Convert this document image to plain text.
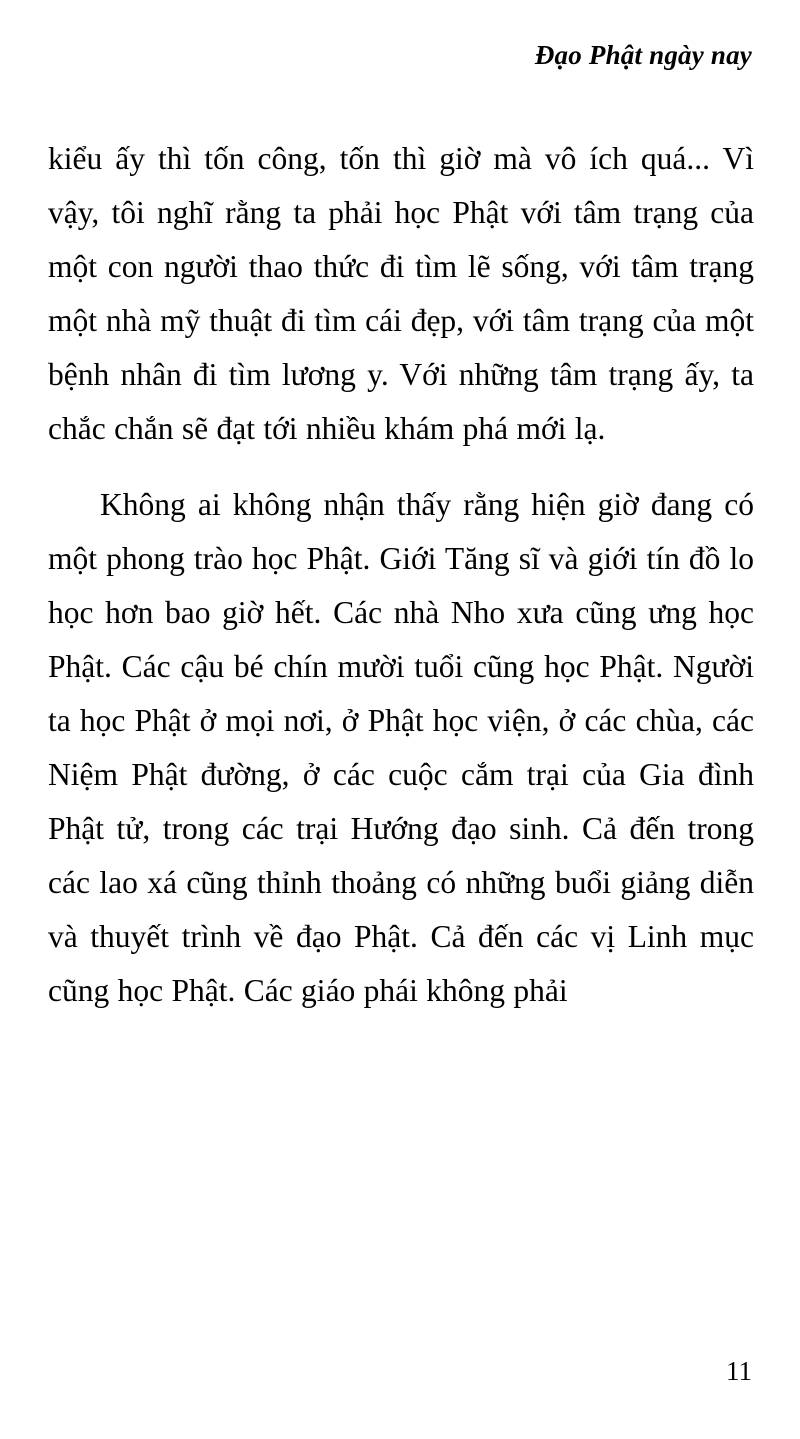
Đạo Phật ngày nay

kiểu ấy thì tốn công, tốn thì giờ mà vô ích quá... Vì vậy, tôi nghĩ rằng ta phải học Phật với tâm trạng của một con người thao thức đi tìm lẽ sống, với tâm trạng một nhà mỹ thuật đi tìm cái đẹp, với tâm trạng của một bệnh nhân đi tìm lương y. Với những tâm trạng ấy, ta chắc chắn sẽ đạt tới nhiều khám phá mới lạ.

Không ai không nhận thấy rằng hiện giờ đang có một phong trào học Phật. Giới Tăng sĩ và giới tín đồ lo học hơn bao giờ hết. Các nhà Nho xưa cũng ưng học Phật. Các cậu bé chín mười tuổi cũng học Phật. Người ta học Phật ở mọi nơi, ở Phật học viện, ở các chùa, các Niệm Phật đường, ở các cuộc cắm trại của Gia đình Phật tử, trong các trại Hướng đạo sinh. Cả đến trong các lao xá cũng thỉnh thoảng có những buổi giảng diễn và thuyết trình về đạo Phật. Cả đến các vị Linh mục cũng học Phật. Các giáo phái không phải

11
